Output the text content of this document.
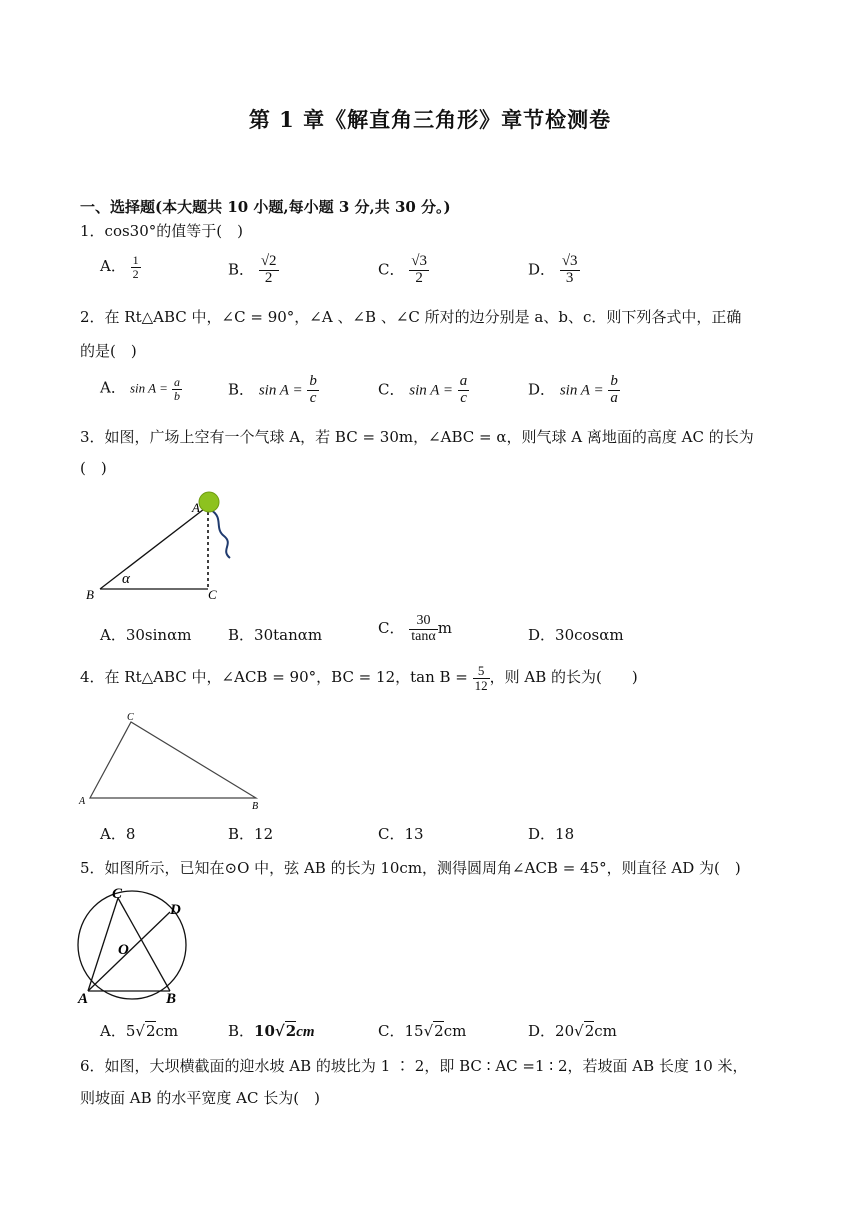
第 1 章《解直角三角形》章节检测卷
一、选择题(本大题共 10 小题,每小题 3 分,共 30 分。)
1．cos30°的值等于(　)
A． $\frac{1}{2}$	B． $\frac{√2}{2}$	C． $\frac{√3}{2}$	D． $\frac{√3}{3}$
2．在 Rt△ABC 中，∠C = 90°，∠A 、∠B 、∠C 所对的边分别是 a、b、c．则下列各式中，正确
的是(　)
A． $\sin A = \frac{a}{b}$	B． $\sin A = \frac{b}{c}$	C． $\sin A = \frac{a}{c}$	D． $\sin A = \frac{b}{a}$
3．如图，广场上空有一个气球 A，若 BC = 30m，∠ABC = α，则气球 A 离地面的高度 AC 的长为
(　)
A
B	C
α
A．30sinαm B．30tanαm	C． $\frac{30}{\tan\alpha}$ m	D．30cosαm
4．在 Rt△ABC 中，∠ACB = 90°，BC = 12，$\tan B = \frac{5}{12}$ ，则 AB 的长为(　　)
C
A	B
A．8	B．12	C．13	D．18
5．如图所示，已知在⊙O 中，弦 AB 的长为 10cm，测得圆周角∠ACB = 45°，则直径 AD 为(　)
C
D
O
A	B
A．5√2cm	B．10√2cm	C．15√2cm	D．20√2cm
6．如图，大坝横截面的迎水坡 AB 的坡比为 1 ∶ 2，即 BC ∶ AC =1 ∶ 2，若坡面 AB 长度 10 米，
则坡面 AB 的水平宽度 AC 长为(　)
